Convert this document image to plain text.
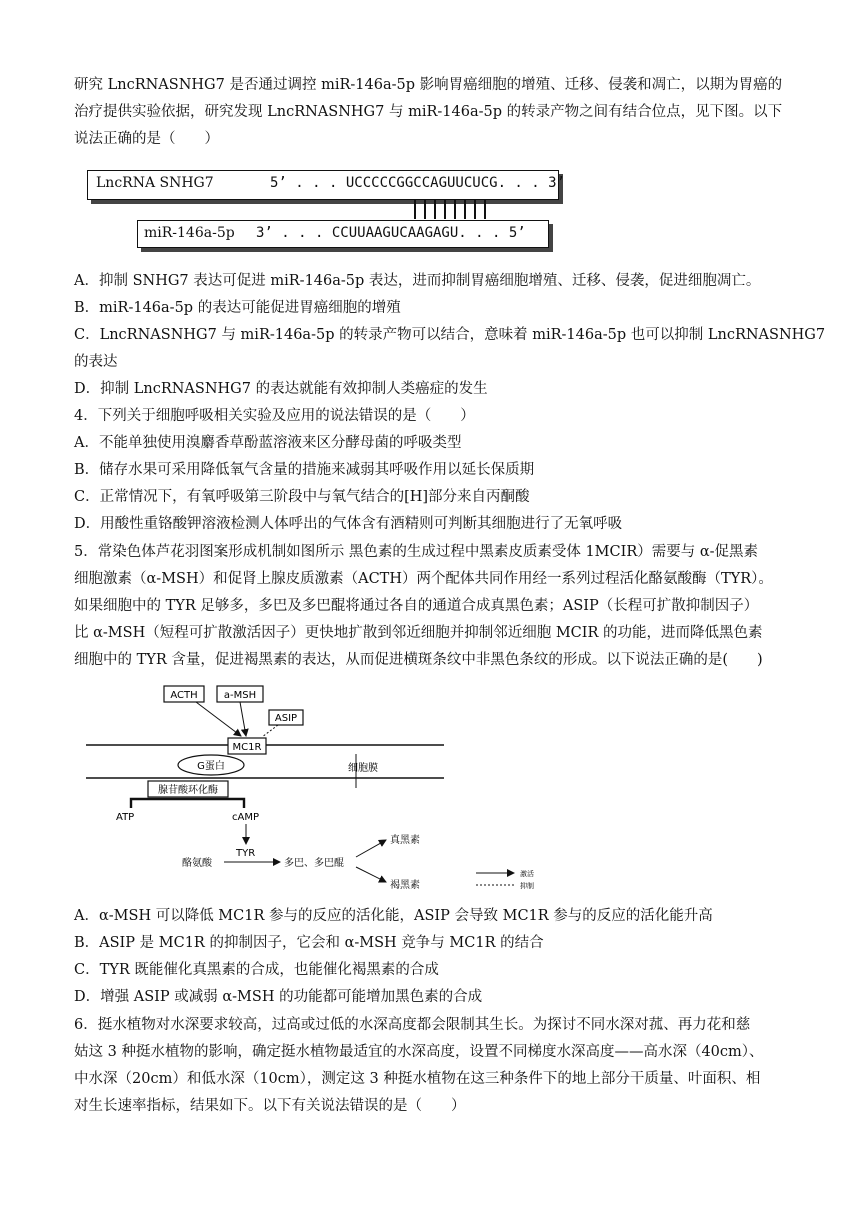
研究 LncRNASNHG7 是否通过调控 miR-146a-5p 影响胃癌细胞的增殖、迁移、侵袭和凋亡，以期为胃癌的
治疗提供实验依据，研究发现 LncRNASNHG7 与 miR-146a-5p 的转录产物之间有结合位点，见下图。以下
说法正确的是（　　）
LncRNA SNHG7	5’ . . . UCCCCCGGCCAGUUCUCG. . . 3’
miR-146a-5p 3’ . . . CCUUAAGUCAAGAGU. . . 5’
A．抑制 SNHG7 表达可促进 miR-146a-5p 表达，进而抑制胃癌细胞增殖、迁移、侵袭，促进细胞凋亡。
B．miR-146a-5p 的表达可能促进胃癌细胞的增殖
C．LncRNASNHG7 与 miR-146a-5p 的转录产物可以结合，意味着 miR-146a-5p 也可以抑制 LncRNASNHG7
的表达
D．抑制 LncRNASNHG7 的表达就能有效抑制人类癌症的发生
4．下列关于细胞呼吸相关实验及应用的说法错误的是（　　）
A．不能单独使用溴麝香草酚蓝溶液来区分酵母菌的呼吸类型
B．储存水果可采用降低氧气含量的措施来减弱其呼吸作用以延长保质期
C．正常情况下，有氧呼吸第三阶段中与氧气结合的[H]部分来自丙酮酸
D．用酸性重铬酸钾溶液检测人体呼出的气体含有酒精则可判断其细胞进行了无氧呼吸
5．常染色体芦花羽图案形成机制如图所示 黑色素的生成过程中黑素皮质素受体 1MCIR）需要与 α-促黑素
细胞激素（α-MSH）和促肾上腺皮质激素（ACTH）两个配体共同作用经一系列过程活化酪氨酸酶（TYR）。
如果细胞中的 TYR 足够多，多巴及多巴醌将通过各自的通道合成真黑色素；ASIP（长程可扩散抑制因子）
比 α-MSH（短程可扩散激活因子）更快地扩散到邻近细胞并抑制邻近细胞 MCIR 的功能，进而降低黑色素
细胞中的 TYR 含量，促进褐黑素的表达，从而促进横斑条纹中非黑色条纹的形成。以下说法正确的是(　　)
ACTH	a-MSH
ASIP
MC1R
G蛋白	细胞膜
腺苷酸环化酶
ATP	cAMP
TYR
酪氨酸	多巴、多巴醌
真黑素
褐黑素
激活
抑制
A．α-MSH 可以降低 MC1R 参与的反应的活化能，ASIP 会导致 MC1R 参与的反应的活化能升高
B．ASIP 是 MC1R 的抑制因子，它会和 α-MSH 竞争与 MC1R 的结合
C．TYR 既能催化真黑素的合成，也能催化褐黑素的合成
D．增强 ASIP 或减弱 α-MSH 的功能都可能增加黑色素的合成
6．挺水植物对水深要求较高，过高或过低的水深高度都会限制其生长。为探讨不同水深对菰、再力花和慈
姑这 3 种挺水植物的影响，确定挺水植物最适宜的水深高度，设置不同梯度水深高度——高水深（40cm）、
中水深（20cm）和低水深（10cm），测定这 3 种挺水植物在这三种条件下的地上部分干质量、叶面积、相
对生长速率指标，结果如下。以下有关说法错误的是（　　）
